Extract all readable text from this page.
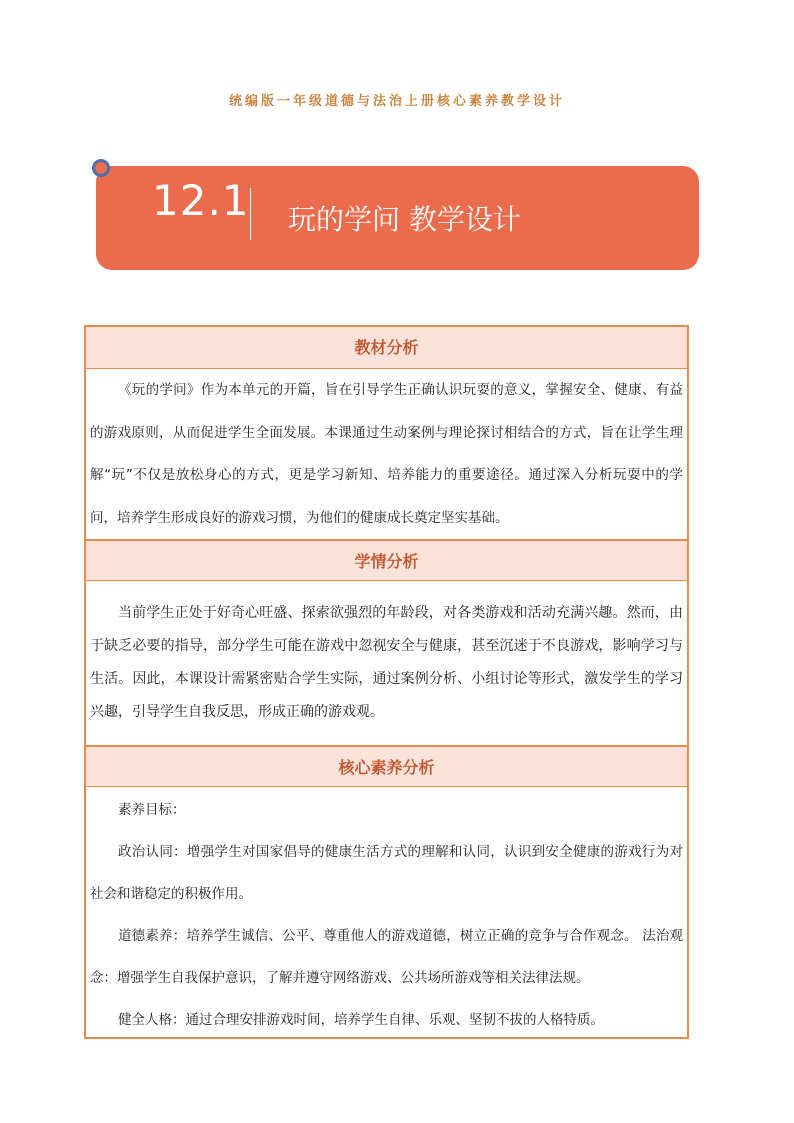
统编版一年级道德与法治上册核心素养教学设计
12.1 玩的学问 教学设计
教材分析
《玩的学问》作为本单元的开篇，旨在引导学生正确认识玩耍的意义，掌握安全、健康、有益的游戏原则，从而促进学生全面发展。本课通过生动案例与理论探讨相结合的方式，旨在让学生理解“玩”不仅是放松身心的方式，更是学习新知、培养能力的重要途径。通过深入分析玩耍中的学问，培养学生形成良好的游戏习惯，为他们的健康成长奠定坚实基础。
学情分析
当前学生正处于好奇心旺盛、探索欲强烈的年龄段，对各类游戏和活动充满兴趣。然而，由于缺乏必要的指导，部分学生可能在游戏中忽视安全与健康，甚至沉迷于不良游戏，影响学习与生活。因此，本课设计需紧密贴合学生实际，通过案例分析、小组讨论等形式，激发学生的学习兴趣，引导学生自我反思，形成正确的游戏观。
核心素养分析
素养目标：
政治认同：增强学生对国家倡导的健康生活方式的理解和认同，认识到安全健康的游戏行为对社会和谐稳定的积极作用。
道德素养：培养学生诚信、公平、尊重他人的游戏道德，树立正确的竞争与合作观念。 法治观念：增强学生自我保护意识，了解并遵守网络游戏、公共场所游戏等相关法律法规。
健全人格：通过合理安排游戏时间，培养学生自律、乐观、坚韧不拔的人格特质。
